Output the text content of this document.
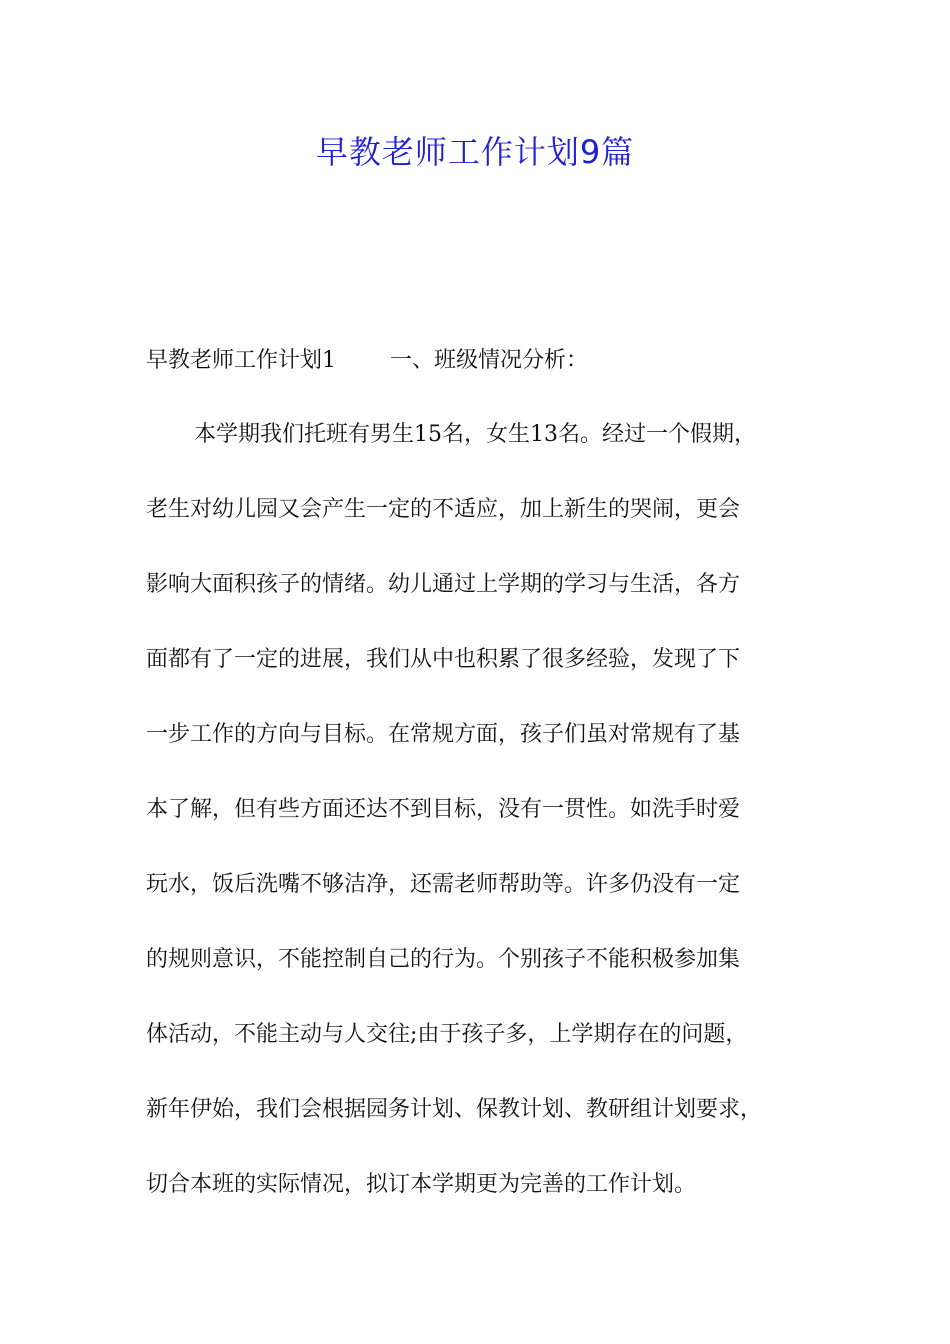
早教老师工作计划9篇
早教老师工作计划1 一、班级情况分析：
本学期我们托班有男生15名，女生13名。经过一个假期，
老生对幼儿园又会产生一定的不适应，加上新生的哭闹，更会
影响大面积孩子的情绪。幼儿通过上学期的学习与生活，各方
面都有了一定的进展，我们从中也积累了很多经验，发现了下
一步工作的方向与目标。在常规方面，孩子们虽对常规有了基
本了解，但有些方面还达不到目标，没有一贯性。如洗手时爱
玩水，饭后洗嘴不够洁净，还需老师帮助等。许多仍没有一定
的规则意识，不能控制自己的行为。个别孩子不能积极参加集
体活动，不能主动与人交往;由于孩子多，上学期存在的问题，
新年伊始，我们会根据园务计划、保教计划、教研组计划要求，
切合本班的实际情况，拟订本学期更为完善的工作计划。
